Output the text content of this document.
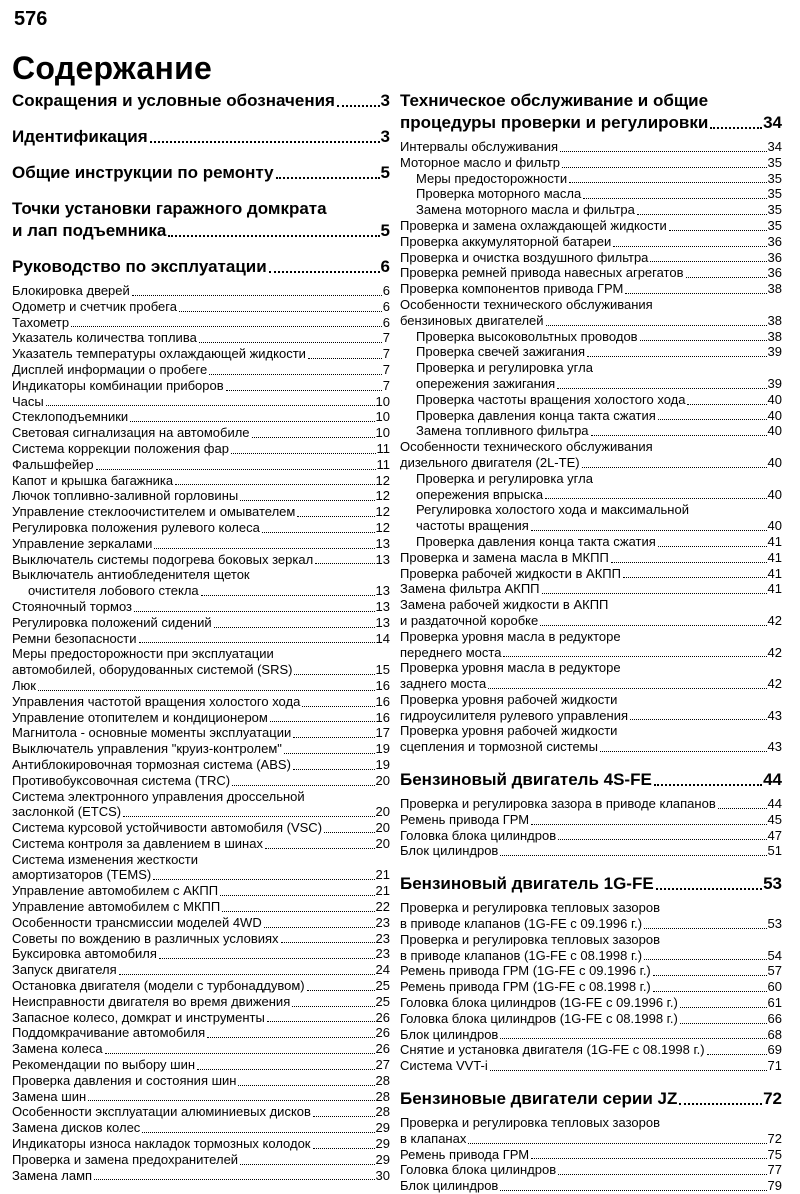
576
Содержание
Сокращения и условные обозначения	3
Идентификация	3
Общие инструкции по ремонту	5
Точки установки гаражного домкрата
и лап подъемника	5
Руководство по эксплуатации	6
Блокировка дверей	6
Одометр и счетчик пробега	6
Тахометр	6
Указатель количества топлива	7
Указатель температуры охлаждающей жидкости	7
Дисплей информации о пробеге	7
Индикаторы комбинации приборов	7
Часы	10
Стеклоподъемники	10
Световая сигнализация на автомобиле	10
Система коррекции положения фар	11
Фальшфейер	11
Капот и крышка багажника	12
Лючок топливно-заливной горловины	12
Управление стеклоочистителем и омывателем	12
Регулировка положения рулевого колеса	12
Управление зеркалами	13
Выключатель системы подогрева боковых зеркал	13
Выключатель антиобледенителя щеток
очистителя лобового стекла	13
Стояночный тормоз	13
Регулировка положений сидений	13
Ремни безопасности	14
Меры предосторожности при эксплуатации
автомобилей, оборудованных системой (SRS)	15
Люк	16
Управления частотой вращения холостого хода	16
Управление отопителем и кондиционером	16
Магнитола - основные моменты эксплуатации	17
Выключатель управления "круиз-контролем"	19
Антиблокировочная тормозная система (ABS)	19
Противобуксовочная система (TRC)	20
Система электронного управления дроссельной
заслонкой (ETCS)	20
Система курсовой устойчивости автомобиля (VSC)	20
Система контроля за давлением в шинах	20
Система изменения жесткости
амортизаторов (TEMS)	21
Управление автомобилем с АКПП	21
Управление автомобилем с МКПП	22
Особенности трансмиссии моделей 4WD	23
Советы по вождению в различных условиях	23
Буксировка автомобиля	23
Запуск двигателя	24
Остановка двигателя (модели с турбонаддувом)	25
Неисправности двигателя во время движения	25
Запасное колесо, домкрат и инструменты	26
Поддомкрачивание автомобиля	26
Замена колеса	26
Рекомендации по выбору шин	27
Проверка давления и состояния шин	28
Замена шин	28
Особенности эксплуатации алюминиевых дисков	28
Замена дисков колес	29
Индикаторы износа накладок тормозных колодок	29
Проверка и замена предохранителей	29
Замена ламп	30
Техническое обслуживание и общие
процедуры проверки и регулировки	34
Интервалы обслуживания	34
Моторное масло и фильтр	35
Меры предосторожности	35
Проверка моторного масла	35
Замена моторного масла и фильтра	35
Проверка и замена охлаждающей жидкости	35
Проверка аккумуляторной батареи	36
Проверка и очистка воздушного фильтра	36
Проверка ремней привода навесных агрегатов	36
Проверка компонентов привода ГРМ	38
Особенности технического обслуживания
бензиновых двигателей	38
Проверка высоковольтных проводов	38
Проверка свечей зажигания	39
Проверка и регулировка угла
опережения зажигания	39
Проверка частоты вращения холостого хода	40
Проверка давления конца такта сжатия	40
Замена топливного фильтра	40
Особенности технического обслуживания
дизельного двигателя (2L-TE)	40
Проверка и регулировка угла
опережения впрыска	40
Регулировка холостого хода и максимальной
частоты вращения	40
Проверка давления конца такта сжатия	41
Проверка и замена масла в МКПП	41
Проверка рабочей жидкости в АКПП	41
Замена фильтра АКПП	41
Замена рабочей жидкости в АКПП
и раздаточной коробке	42
Проверка уровня масла в редукторе
переднего моста	42
Проверка уровня масла в редукторе
заднего моста	42
Проверка уровня рабочей жидкости
гидроусилителя рулевого управления	43
Проверка уровня рабочей жидкости
сцепления и тормозной системы	43
Бензиновый двигатель 4S-FE	44
Проверка и регулировка зазора в приводе клапанов	44
Ремень привода ГРМ	45
Головка блока цилиндров	47
Блок цилиндров	51
Бензиновый двигатель 1G-FE	53
Проверка и регулировка тепловых зазоров
в приводе клапанов (1G-FE с 09.1996 г.)	53
Проверка и регулировка тепловых зазоров
в приводе клапанов (1G-FE с 08.1998 г.)	54
Ремень привода ГРМ (1G-FE с 09.1996 г.)	57
Ремень привода ГРМ (1G-FE с 08.1998 г.)	60
Головка блока цилиндров (1G-FE с 09.1996 г.)	61
Головка блока цилиндров (1G-FE с 08.1998 г.)	66
Блок цилиндров	68
Снятие и установка двигателя (1G-FE с 08.1998 г.)	69
Система VVT-i	71
Бензиновые двигатели серии JZ	72
Проверка и регулировка тепловых зазоров
в клапанах	72
Ремень привода ГРМ	75
Головка блока цилиндров	77
Блок цилиндров	79
